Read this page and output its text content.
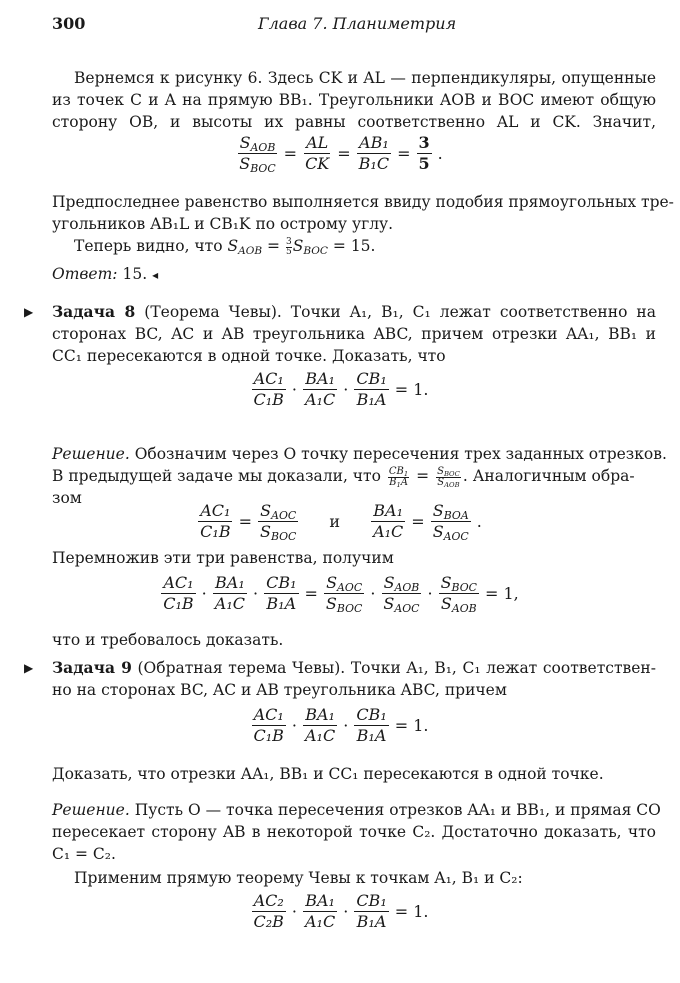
300	Глава 7. Планиметрия
Вернемся к рисунку 6. Здесь CK и AL — перпендикуляры, опущенные
из точек C и A на прямую BB₁. Треугольники AOB и BOC имеют общую
сторону OB, и высоты их равны соответственно AL и CK. Значит,
$\frac{S_{AOB}}{S_{BOC}} = \frac{AL}{CK} = \frac{\text{AB₁}}{\text{B₁C}} = \frac{3}{5}$ .
Предпоследнее равенство выполняется ввиду подобия прямоугольных тре-
угольников AB₁L и CB₁K по острому углу.
Теперь видно, что $S_{AOB} = \frac{3}{5} S_{BOC} = 15$.
Ответ: 15. ◂
▶ Задача 8 (Теорема Чевы). Точки A₁, B₁, C₁ лежат соответственно на
сторонах BC, AC и AB треугольника ABC, причем отрезки AA₁, BB₁ и
CC₁ пересекаются в одной точке. Доказать, что
$\frac{\text{AC₁}}{\text{C₁B}} \cdot \frac{\text{BA₁}}{\text{A₁C}} \cdot \frac{\text{CB₁}}{\text{B₁A}} = 1$.
Решение. Обозначим через O точку пересечения трех заданных отрезков.
В предыдущей задаче мы доказали, что $\frac{CB_1}{B_1A} = S_{BOC}$
$S_{AOB}$ . Аналогичным обра-
зом
$\frac{\text{AC₁}}{\text{C₁B}} = \frac{S_{AOC}}{S_{BOC}}$ и $\frac{\text{BA₁}}{\text{A₁C}} = \frac{S_{BOA}}{S_{AOC}}$ .
Перемножив эти три равенства, получим
$\frac{\text{AC₁}}{\text{C₁B}} \cdot \frac{\text{BA₁}}{\text{A₁C}} \cdot \frac{\text{CB₁}}{\text{B₁A}} = \frac{S_{AOC}}{S_{BOC}} \cdot \frac{S_{AOB}}{S_{AOC}} \cdot \frac{S_{BOC}}{S_{AOB}} = 1$,
что и требовалось доказать.
▶ Задача 9 (Обратная терема Чевы). Точки A₁, B₁, C₁ лежат соответствен-
но на сторонах BC, AC и AB треугольника ABC, причем
$\frac{\text{AC₁}}{\text{C₁B}} \cdot \frac{\text{BA₁}}{\text{A₁C}} \cdot \frac{\text{CB₁}}{\text{B₁A}} = 1$.
Доказать, что отрезки AA₁, BB₁ и CC₁ пересекаются в одной точке.
Решение. Пусть O — точка пересечения отрезков AA₁ и BB₁, и прямая CO
пересекает сторону AB в некоторой точке C₂. Достаточно доказать, что
C₁ = C₂.
Применим прямую теорему Чевы к точкам A₁, B₁ и C₂:
$\frac{\text{AC₂}}{\text{C₂B}} \cdot \frac{\text{BA₁}}{\text{A₁C}} \cdot \frac{\text{CB₁}}{\text{B₁A}} = 1$.
